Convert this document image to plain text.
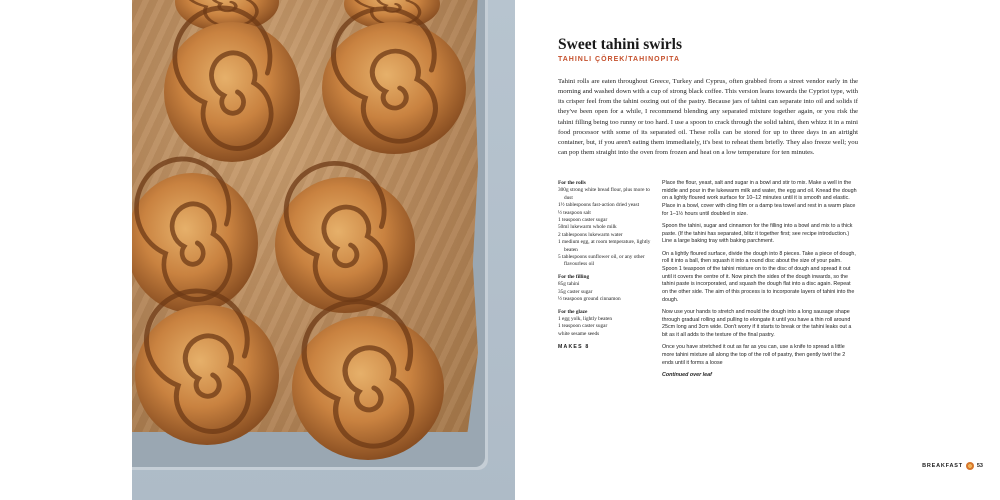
Sweet tahini swirls
TAHINLI ÇÖREK/TAHINOPITA

Tahini rolls are eaten throughout Greece, Turkey and Cyprus, often grabbed from a street vendor early in the morning and washed down with a cup of strong black coffee. This version leans towards the Cypriot type, with its crisper feel from the tahini oozing out of the pastry. Because jars of tahini can separate into oil and solids if they've been open for a while, I recommend blending any separated mixture together again, or you risk the tahini filling being too runny or too hard. I use a spoon to crack through the solid tahini, then whizz it in a mini food processor with some of its separated oil. These rolls can be stored for up to three days in an airtight container, but, if you aren't eating them immediately, it's best to reheat them briefly. They also freeze well; you can pop them straight into the oven from frozen and heat on a low temperature for ten minutes.

For the rolls
300g strong white bread flour, plus more to dust
1½ tablespoons fast-action dried yeast
½ teaspoon salt
1 teaspoon caster sugar
50ml lukewarm whole milk
2 tablespoons lukewarm water
1 medium egg, at room temperature, lightly beaten
5 tablespoons sunflower oil, or any other flavourless oil
For the filling
85g tahini
35g caster sugar
½ teaspoon ground cinnamon
For the glaze
1 egg yolk, lightly beaten
1 teaspoon caster sugar
white sesame seeds
MAKES 8

Place the flour, yeast, salt and sugar in a bowl and stir to mix. Make a well in the middle and pour in the lukewarm milk and water, the egg and oil. Knead the dough on a lightly floured work surface for 10–12 minutes until it is smooth and elastic. Place in a bowl, cover with cling film or a damp tea towel and rest in a warm place for 1–1½ hours until doubled in size.

Spoon the tahini, sugar and cinnamon for the filling into a bowl and mix to a thick paste. (If the tahini has separated, blitz it together first; see recipe introduction.) Line a large baking tray with baking parchment.

On a lightly floured surface, divide the dough into 8 pieces. Take a piece of dough, roll it into a ball, then squash it into a round disc about the size of your palm. Spoon 1 teaspoon of the tahini mixture on to the disc of dough and spread it out until it covers the centre of it. Now pinch the sides of the dough inwards, so the tahini paste is incorporated, and squash the dough flat into a disc again. Repeat on the other side. The aim of this process is to incorporate layers of tahini into the dough.

Now use your hands to stretch and mould the dough into a long sausage shape through gradual rolling and pulling to elongate it until you have a thin roll around 25cm long and 3cm wide. Don't worry if it starts to break or the tahini leaks out a bit as it all adds to the texture of the final pastry.

Once you have stretched it out as far as you can, use a knife to spread a little more tahini mixture all along the top of the roll of pastry, then gently twirl the 2 ends until it forms a loose

Continued over leaf

BREAKFAST	53
